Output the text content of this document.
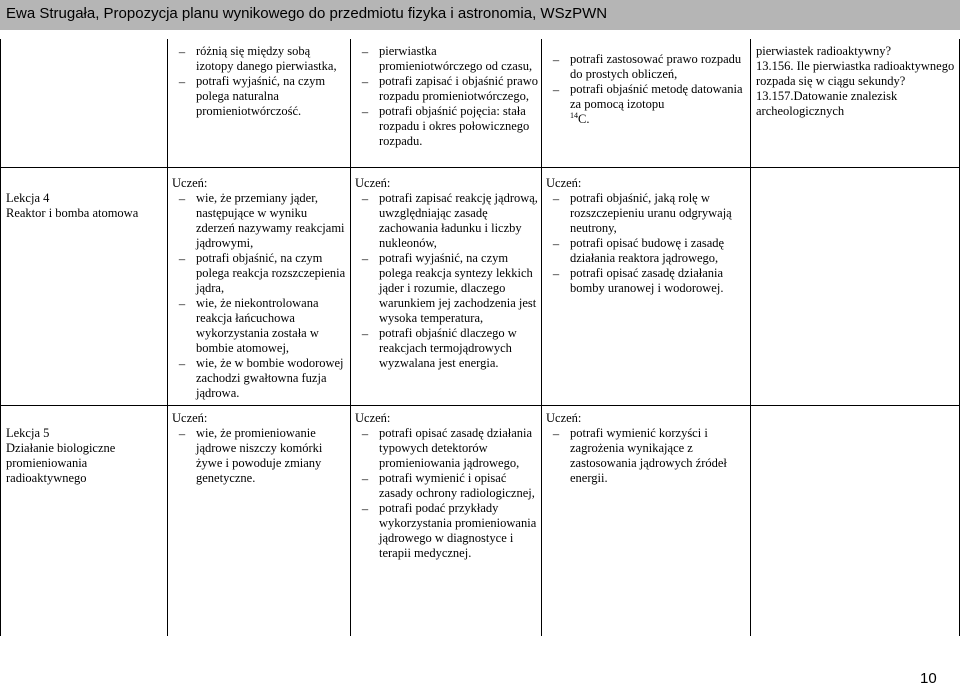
Ewa Strugała, Propozycja planu wynikowego do przedmiotu fizyka i astronomia, WSzPWN
– różnią się między sobą izotopy danego pierwiastka,
– potrafi wyjaśnić, na czym polega naturalna promieniotwórczość.
– pierwiastka promieniotwórczego od czasu,
– potrafi zapisać i objaśnić prawo rozpadu promieniotwórczego,
– potrafi objaśnić pojęcia: stała rozpadu i okres połowicznego rozpadu.
– potrafi zastosować prawo rozpadu do prostych obliczeń,
– potrafi objaśnić metodę datowania za pomocą izotopu
$^{14}$C.
pierwiastek radioaktywny?
13.156. Ile pierwiastka radioaktywnego rozpada się w ciągu sekundy?
13.157.Datowanie znalezisk archeologicznych

Lekcja 4
Reaktor i bomba atomowa

Uczeń:
– wie, że przemiany jąder, następujące w wyniku zderzeń nazywamy reakcjami jądrowymi,
– potrafi objaśnić, na czym polega reakcja rozszczepienia jądra,
– wie, że niekontrolowana reakcja łańcuchowa wykorzystania została w bombie atomowej,
– wie, że w bombie wodorowej zachodzi gwałtowna fuzja jądrowa.
Uczeń:
– potrafi zapisać reakcję jądrową, uwzględniając zasadę zachowania ładunku i liczby nukleonów,
– potrafi wyjaśnić, na czym polega reakcja syntezy lekkich jąder i rozumie, dlaczego warunkiem jej zachodzenia jest wysoka temperatura,
– potrafi objaśnić dlaczego w reakcjach termojądrowych wyzwalana jest energia.
Uczeń:
– potrafi objaśnić, jaką rolę w rozszczepieniu uranu odgrywają neutrony,
– potrafi opisać budowę i zasadę działania reaktora jądrowego,
– potrafi opisać zasadę działania bomby uranowej i wodorowej.

Lekcja 5
Działanie biologiczne promieniowania radioaktywnego

Uczeń:
– wie, że promieniowanie jądrowe niszczy komórki żywe i powoduje zmiany genetyczne.
Uczeń:
– potrafi opisać zasadę działania typowych detektorów promieniowania jądrowego,
– potrafi wymienić i opisać zasady ochrony radiologicznej,
– potrafi podać przykłady wykorzystania promieniowania jądrowego w diagnostyce i terapii medycznej.
Uczeń:
– potrafi wymienić korzyści i zagrożenia wynikające z zastosowania jądrowych źródeł energii.
10
